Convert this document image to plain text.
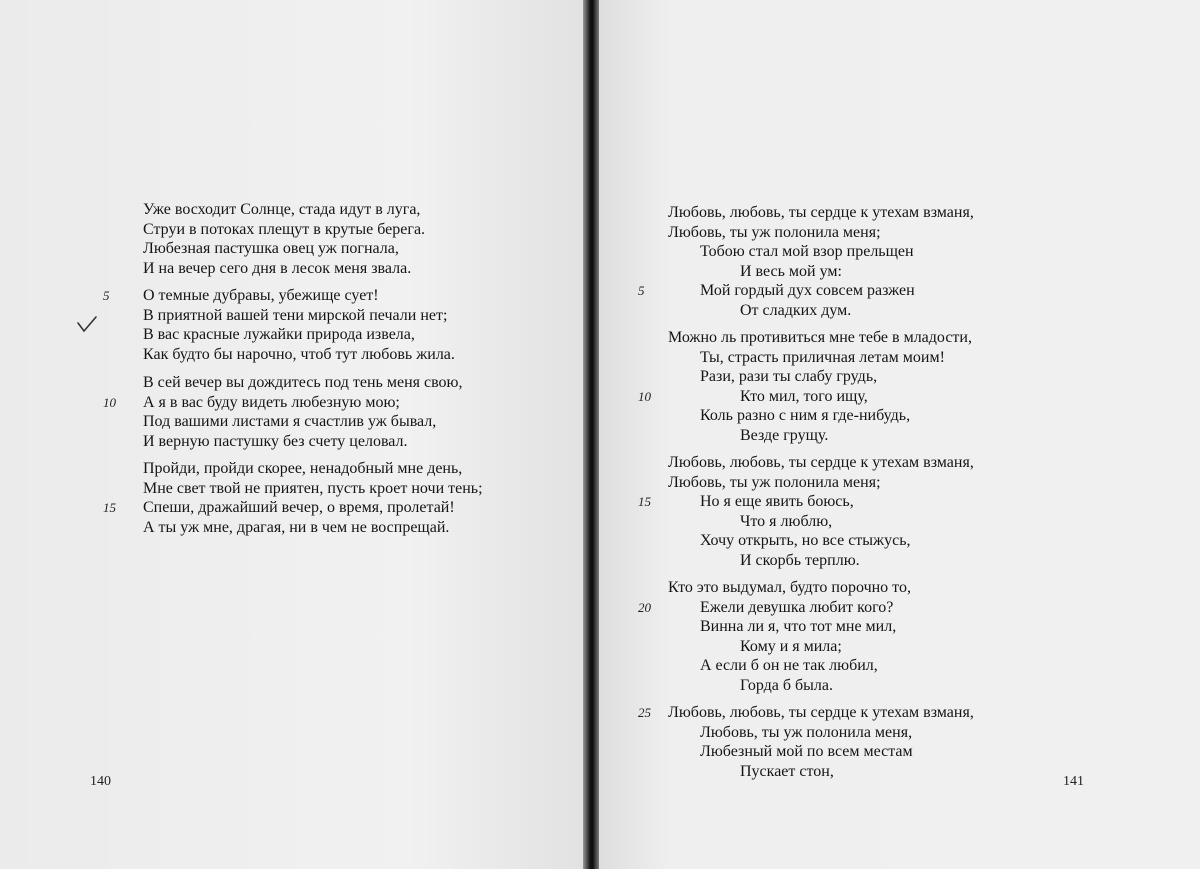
Уже восходит Солнце, стада идут в луга,
Струи в потоках плещут в крутые берега.
Любезная пастушка овец уж погнала,
И на вечер сего дня в лесок меня звала.
5 О темные дубравы, убежище сует!
В приятной вашей тени мирской печали нет;
В вас красные лужайки природа извела,
Как будто бы нарочно, чтоб тут любовь жила.
В сей вечер вы дождитесь под тень меня свою,
10 А я в вас буду видеть любезную мою;
Под вашими листами я счастлив уж бывал,
И верную пастушку без счету целовал.
Пройди, пройди скорее, ненадобный мне день,
Мне свет твой не приятен, пусть кроет ночи тень;
15 Спеши, дражайший вечер, о время, пролетай!
А ты уж мне, драгая, ни в чем не воспрещай.
140
Любовь, любовь, ты сердце к утехам взманя,
Любовь, ты уж полонила меня;
Тобою стал мой взор прельщен
И весь мой ум:
5	Мой гордый дух совсем разжен
От сладких дум.
Можно ль противиться мне тебе в младости,
Ты, страсть приличная летам моим!
Рази, рази ты слабу грудь,
10	Кто мил, того ищу,
Коль разно с ним я где-нибудь,
Везде грущу.
Любовь, любовь, ты сердце к утехам взманя,
Любовь, ты уж полонила меня;
15	Но я еще явить боюсь,
Что я люблю,
Хочу открыть, но все стыжусь,
И скорбь терплю.
Кто это выдумал, будто порочно то,
20	Ежели девушка любит кого?
Винна ли я, что тот мне мил,
Кому и я мила;
А если б он не так любил,
Горда б была.
25 Любовь, любовь, ты сердце к утехам взманя,
Любовь, ты уж полонила меня,
Любезный мой по всем местам
Пускает стон,
141
